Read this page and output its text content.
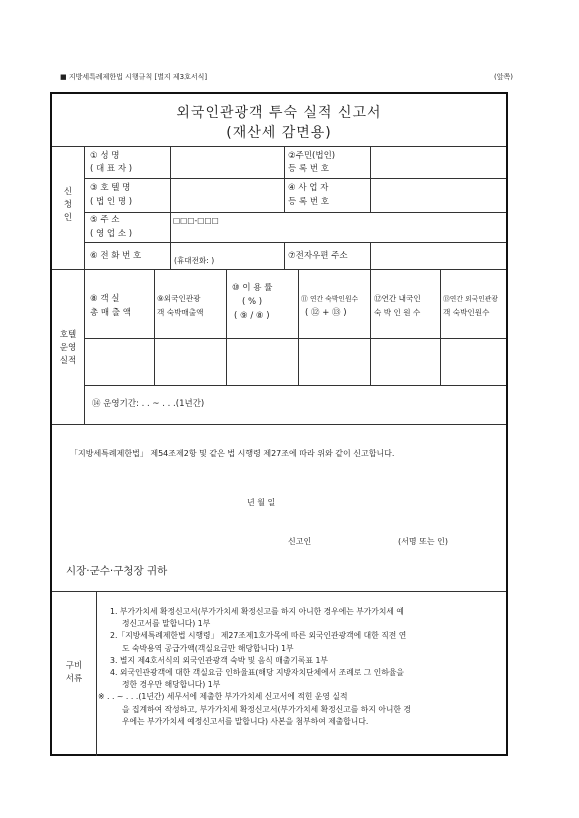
■ 지방세특례제한법 시행규칙 [별지 제3호서식]	(앞쪽)
외국인관광객 투숙 실적 신고서
(재산세 감면용)
신
청
인
① 성 명
( 대 표 자 )
②주민(법인)
등 록 번 호
③ 호 텔 명
( 법 인 명 )
④ 사 업 자
등 록 번 호
⑤ 주 소
( 영 업 소 )
□□□-□□□
⑥ 전 화 번 호	(휴대전화: )	⑦전자우편 주소
호텔
운영
실적
⑧ 객 실
총 매 출 액
⑨외국인관광
객 숙박매출액
⑩ 이 용 률
( % )
( ⑨ / ⑧ )
⑪ 연간 숙박인원수
( ⑫ + ⑬ )
⑫연간 내국인
숙 박 인 원 수
⑬연간 외국인관광
객 숙박인원수
⑭ 운영기간: . . ~ . . .(1년간)
「지방세특례제한법」 제54조제2항 및 같은 법 시행령 제27조에 따라 위와 같이 신고합니다.
년 월 일
신고인	(서명 또는 인)
시장·군수·구청장 귀하
구비
서류
1. 부가가치세 확정신고서(부가가치세 확정신고를 하지 아니한 경우에는 부가가치세 예
정신고서를 말합니다) 1부
2.「지방세특례제한법 시행령」 제27조제1호가목에 따른 외국인관광객에 대한 직전 연
도 숙박용역 공급가액(객실요금만 해당합니다) 1부
3. 별지 제4호서식의 외국인관광객 숙박 및 음식 매출기록표 1부
4. 외국인관광객에 대한 객실요금 인하율표(해당 지방자치단체에서 조례로 그 인하율을
정한 경우만 해당합니다) 1부
※ . . ~ . . .(1년간) 세무서에 제출한 부가가치세 신고서에 적힌 운영 실적
을 집계하여 작성하고, 부가가치세 확정신고서(부가가치세 확정신고를 하지 아니한 경
우에는 부가가치세 예정신고서를 말합니다) 사본을 첨부하여 제출합니다.
